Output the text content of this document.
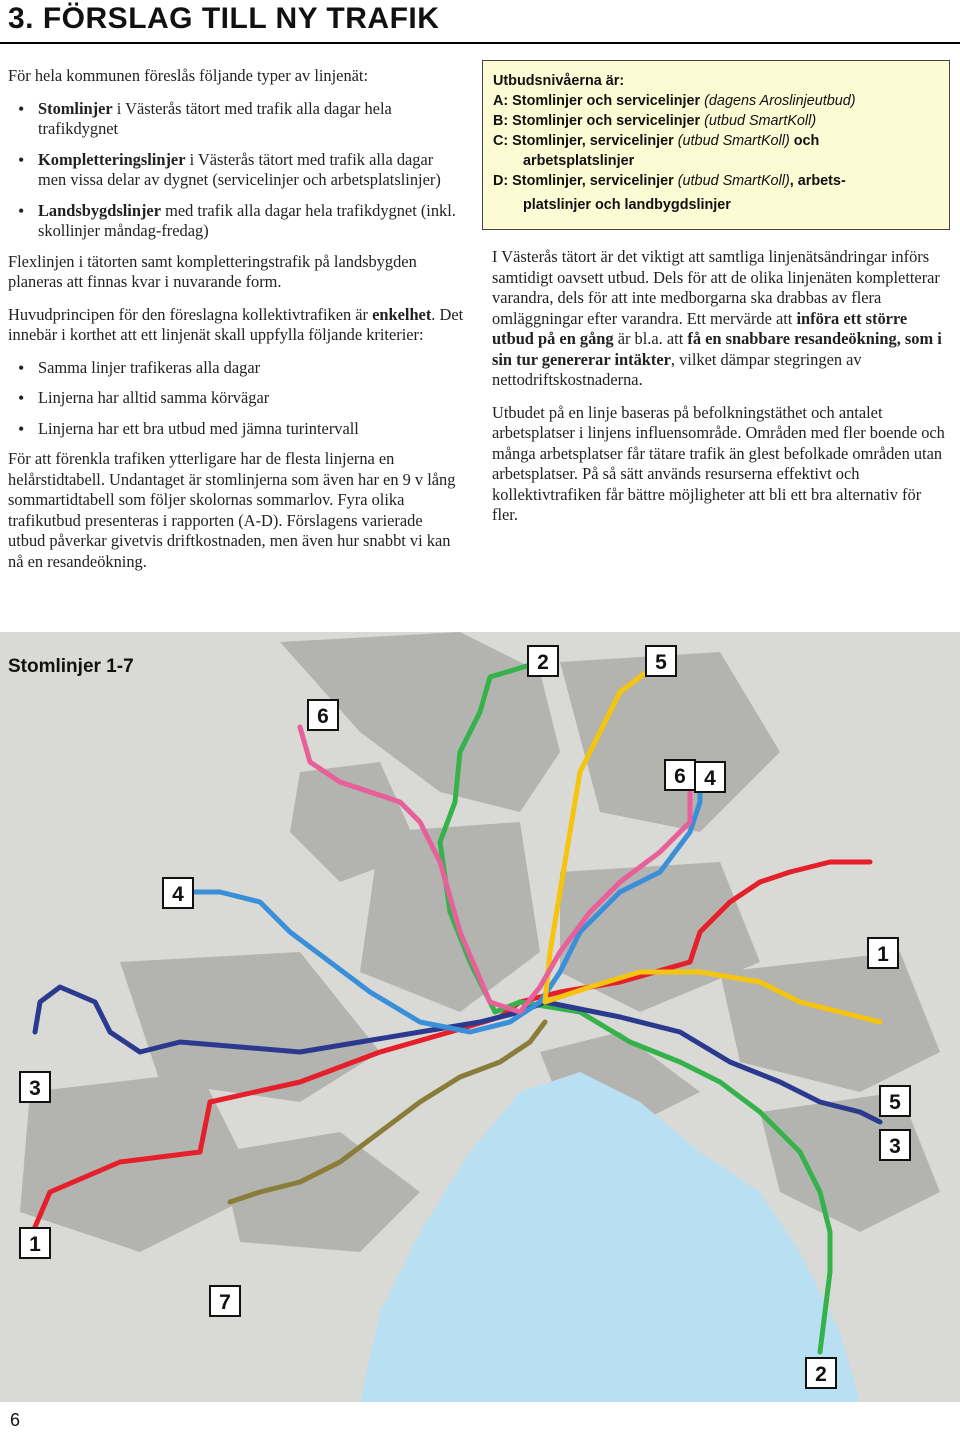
3. FÖRSLAG TILL NY TRAFIK

För hela kommunen föreslås följande typer av linjenät:

• Stomlinjer i Västerås tätort med trafik alla dagar hela trafikdygnet
• Kompletteringslinjer i Västerås tätort med trafik alla dagar men vissa delar av dygnet (servicelinjer och arbetsplatslinjer)
• Landsbygdslinjer med trafik alla dagar hela trafikdygnet (inkl. skollinjer måndag-fredag)

Flexlinjen i tätorten samt kompletteringstrafik på landsbygden planeras att finnas kvar i nuvarande form.

Huvudprincipen för den föreslagna kollektivtrafiken är enkelhet. Det innebär i korthet att ett linjenät skall uppfylla följande kriterier:

• Samma linjer trafikeras alla dagar
• Linjerna har alltid samma körvägar
• Linjerna har ett bra utbud med jämna turintervall

För att förenkla trafiken ytterligare har de flesta linjerna en helårstidtabell. Undantaget är stomlinjerna som även har en 9 v lång sommartidtabell som följer skolornas sommarlov. Fyra olika trafikutbud presenteras i rapporten (A-D). Förslagens varierade utbud påverkar givetvis driftkostnaden, men även hur snabbt vi kan nå en resandeökning.

Utbudsnivåerna är:
A: Stomlinjer och servicelinjer (dagens Aroslinjeutbud)
B: Stomlinjer och servicelinjer (utbud SmartKoll)
C: Stomlinjer, servicelinjer (utbud SmartKoll) och
arbetsplatslinjer
D: Stomlinjer, servicelinjer (utbud SmartKoll), arbets-
platslinjer och landbygdslinjer

I Västerås tätort är det viktigt att samtliga linjenätsändringar införs samtidigt oavsett utbud. Dels för att de olika linjenäten kompletterar varandra, dels för att inte medborgarna ska drabbas av flera omläggningar efter varandra. Ett mervärde att införa ett större utbud på en gång är bl.a. att få en snabbare resandeökning, som i sin tur genererar intäkter, vilket dämpar stegringen av nettodriftskostnaderna.

Utbudet på en linje baseras på befolkningstäthet och antalet arbetsplatser i linjens influensområde. Områden med fler boende och många arbetsplatser får tätare trafik än glest befolkade områden utan arbetsplatser. På så sätt används resurserna effektivt och kollektivtrafiken får bättre möjligheter att bli ett bra alternativ för fler.

2	5
6
6 4
4
1
3
5
3
1
7
2
Stomlinjer 1-7
6
